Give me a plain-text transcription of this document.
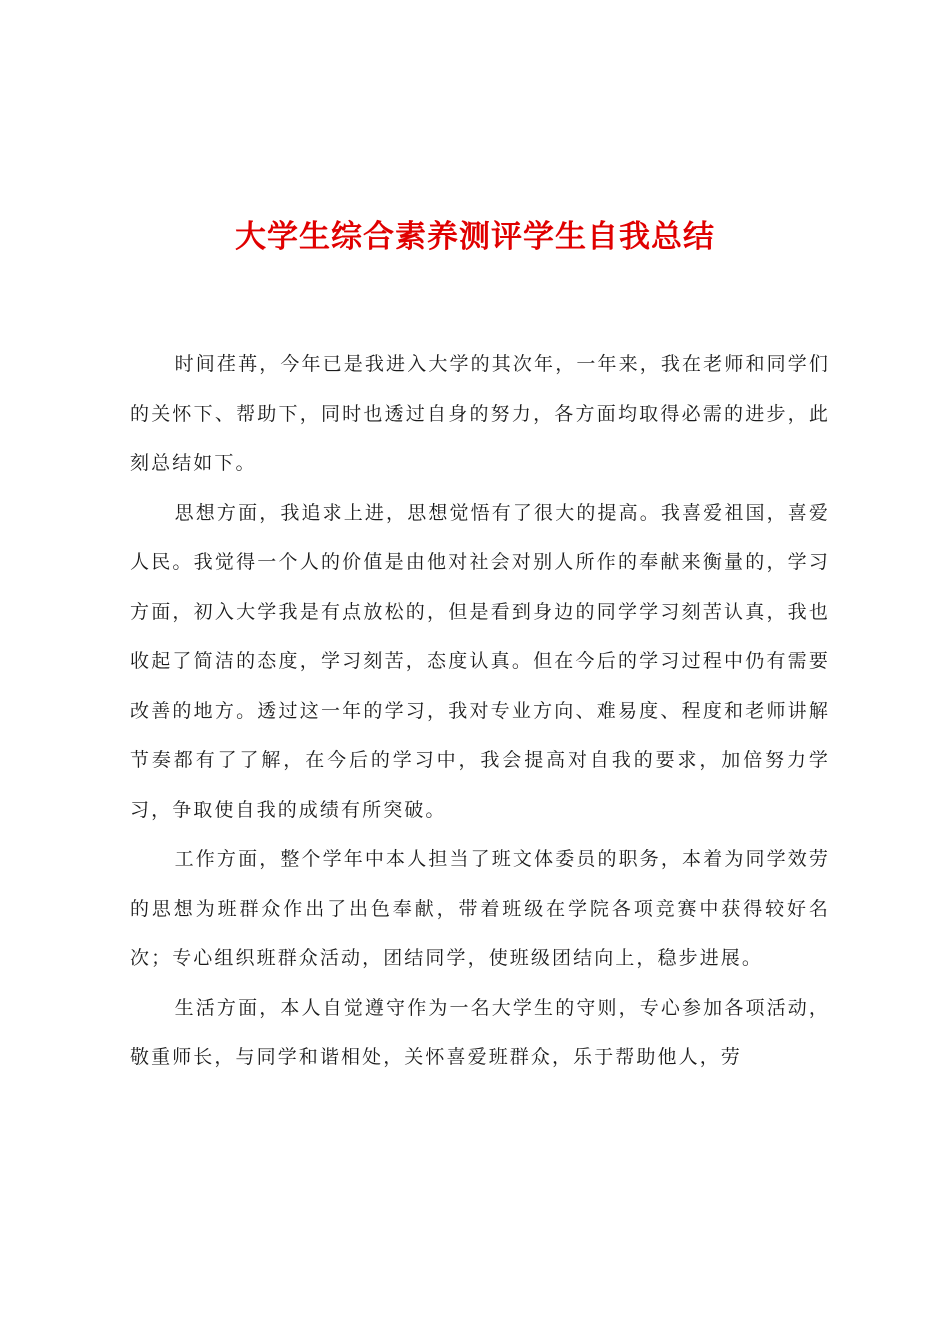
大学生综合素养测评学生自我总结

时间荏苒，今年已是我进入大学的其次年，一年来，我在老师和同学们的关怀下、帮助下，同时也透过自身的努力，各方面均取得必需的进步，此刻总结如下。

思想方面，我追求上进，思想觉悟有了很大的提高。我喜爱祖国，喜爱人民。我觉得一个人的价值是由他对社会对别人所作的奉献来衡量的，学习方面，初入大学我是有点放松的，但是看到身边的同学学习刻苦认真，我也收起了简洁的态度，学习刻苦，态度认真。但在今后的学习过程中仍有需要改善的地方。透过这一年的学习，我对专业方向、难易度、程度和老师讲解节奏都有了了解，在今后的学习中，我会提高对自我的要求，加倍努力学习，争取使自我的成绩有所突破。

工作方面，整个学年中本人担当了班文体委员的职务，本着为同学效劳的思想为班群众作出了出色奉献，带着班级在学院各项竞赛中获得较好名次；专心组织班群众活动，团结同学，使班级团结向上，稳步进展。

生活方面，本人自觉遵守作为一名大学生的守则，专心参加各项活动，敬重师长，与同学和谐相处，关怀喜爱班群众，乐于帮助他人，劳
